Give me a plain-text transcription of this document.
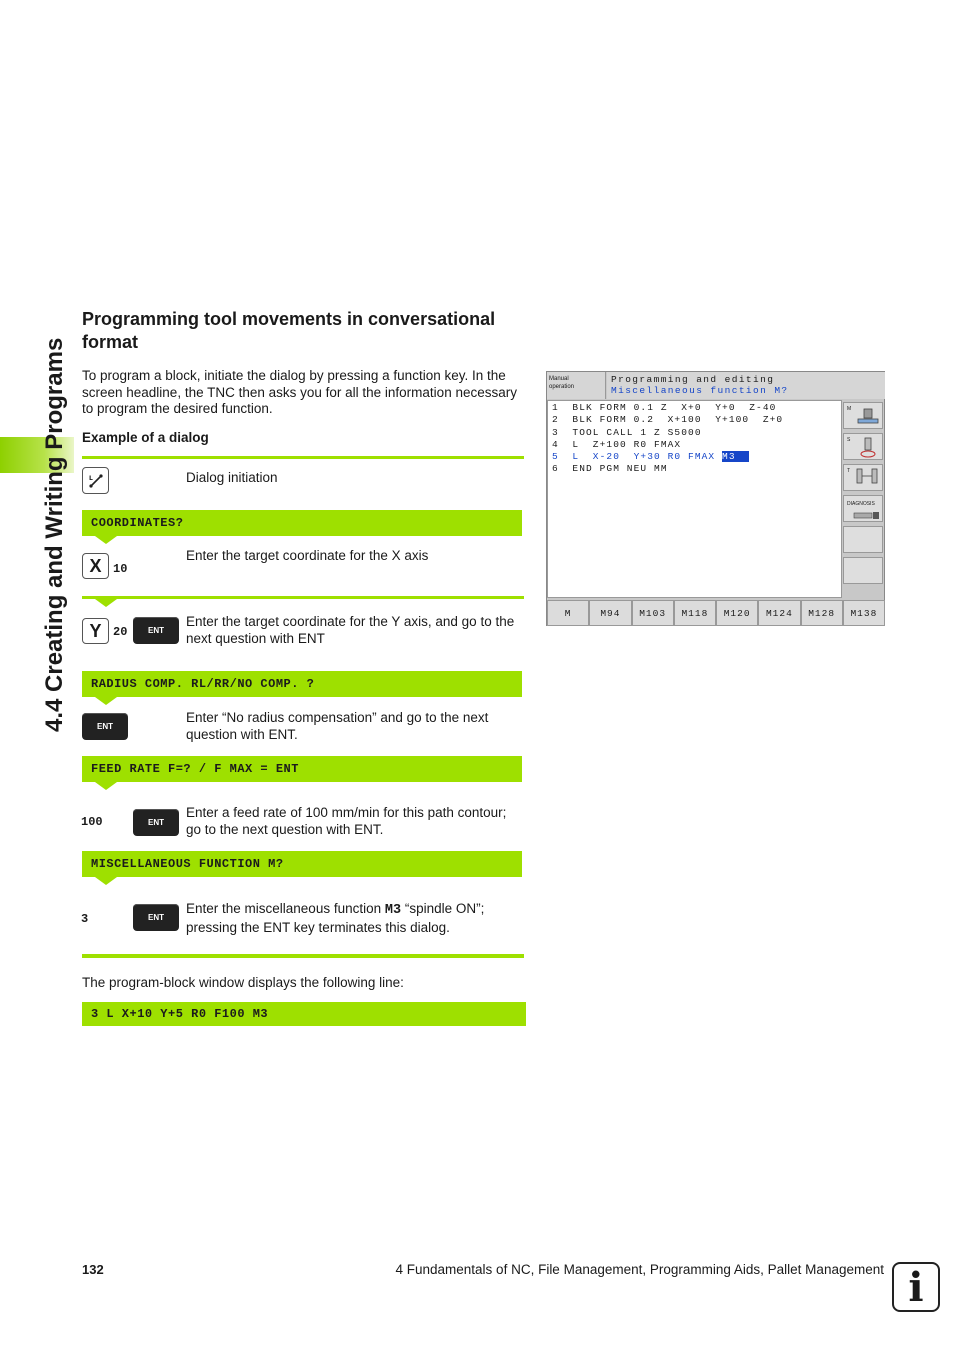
4.4 Creating and Writing Programs
Programming tool movements in conversational format
To program a block, initiate the dialog by pressing a function key. In the screen headline, the TNC then asks you for all the information necessary to program the desired function.
Example of a dialog
L	Dialog initiation
COORDINATES?
X 10
Enter the target coordinate for the X axis
Y 20	ENT
Enter the target coordinate for the Y axis, and go to the next question with ENT
RADIUS COMP. RL/RR/NO COMP. ?
ENT
Enter “No radius compensation” and go to the next question with ENT.
FEED RATE F=? / F MAX = ENT
100	ENT
Enter a feed rate of 100 mm/min for this path contour; go to the next question with ENT.
MISCELLANEOUS FUNCTION M?
3	ENT
Enter the miscellaneous function M3 “spindle ON”; pressing the ENT key terminates this dialog.
The program-block window displays the following line:
3 L X+10 Y+5 R0 F100 M3
Manual
operation
Programming and editing
Miscellaneous function M?
1  BLK FORM 0.1 Z  X+0  Y+0  Z-40
2  BLK FORM 0.2  X+100  Y+100  Z+0
3  TOOL CALL 1 Z S5000
4  L  Z+100 R0 FMAX
5  L  X-20  Y+30 R0 FMAX M3
6  END PGM NEU MM
M
S
T
DIAGNOSIS
M	M94	M103	M118	M120	M124	M128	M138
132	4 Fundamentals of NC, File Management, Programming Aids, Pallet Management i
